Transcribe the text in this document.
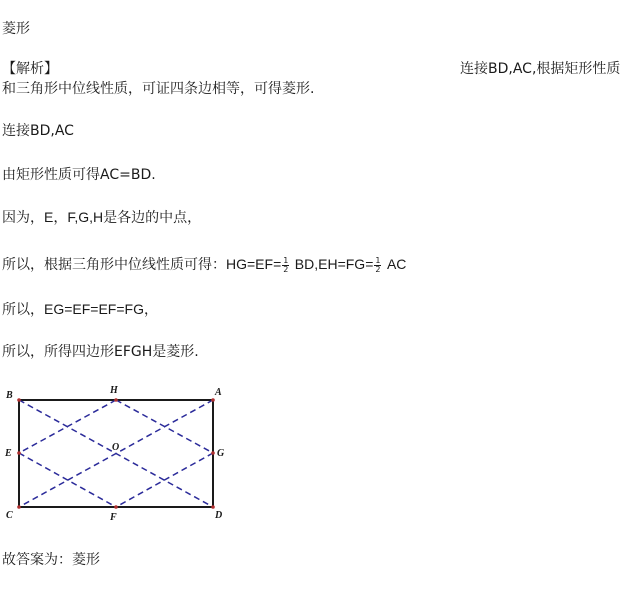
菱形
【解析】	连接BD,AC,根据矩形性质
和三角形中位线性质，可证四条边相等，可得菱形.
连接BD,AC
由矩形性质可得AC=BD.
因为，E，F,G,H是各边的中点，
所以，根据三角形中位线性质可得：$HG=EF= \frac{1}{2} BD,EH=FG= \frac{1}{2}$ AC
所以，EG=EF=EF=FG，
所以，所得四边形EFGH是菱形.
B	H	A
E
O
G
C	F	D
故答案为：菱形
